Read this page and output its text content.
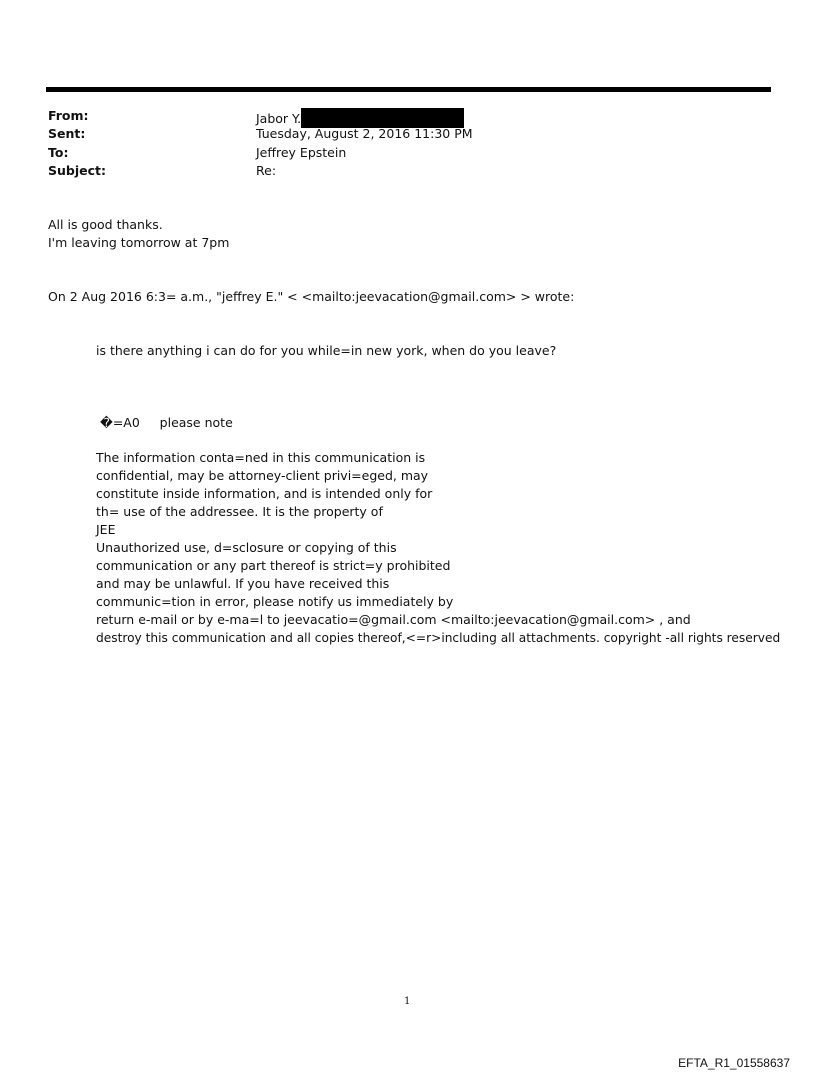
From:	Jabor Y.
Sent:	Tuesday, August 2, 2016 11:30 PM
To:	Jeffrey Epstein
Subject:	Re:
All is good thanks.
I'm leaving tomorrow at 7pm
On 2 Aug 2016 6:3= a.m., "jeffrey E." < <mailto:jeevacation@gmail.com> > wrote:
is there anything i can do for you while=in new york, when do you leave?
�=A0     please note
The information conta=ned in this communication is
confidential, may be attorney-client privi=eged, may
constitute inside information, and is intended only for
th= use of the addressee. It is the property of
JEE
Unauthorized use, d=sclosure or copying of this
communication or any part thereof is strict=y prohibited
and may be unlawful. If you have received this
communic=tion in error, please notify us immediately by
return e-mail or by e-ma=l to jeevacatio=@gmail.com <mailto:jeevacation@gmail.com> , and
destroy this communication and all copies thereof,<=r>including all attachments. copyright -all rights reserved
1
EFTA_R1_01558637
